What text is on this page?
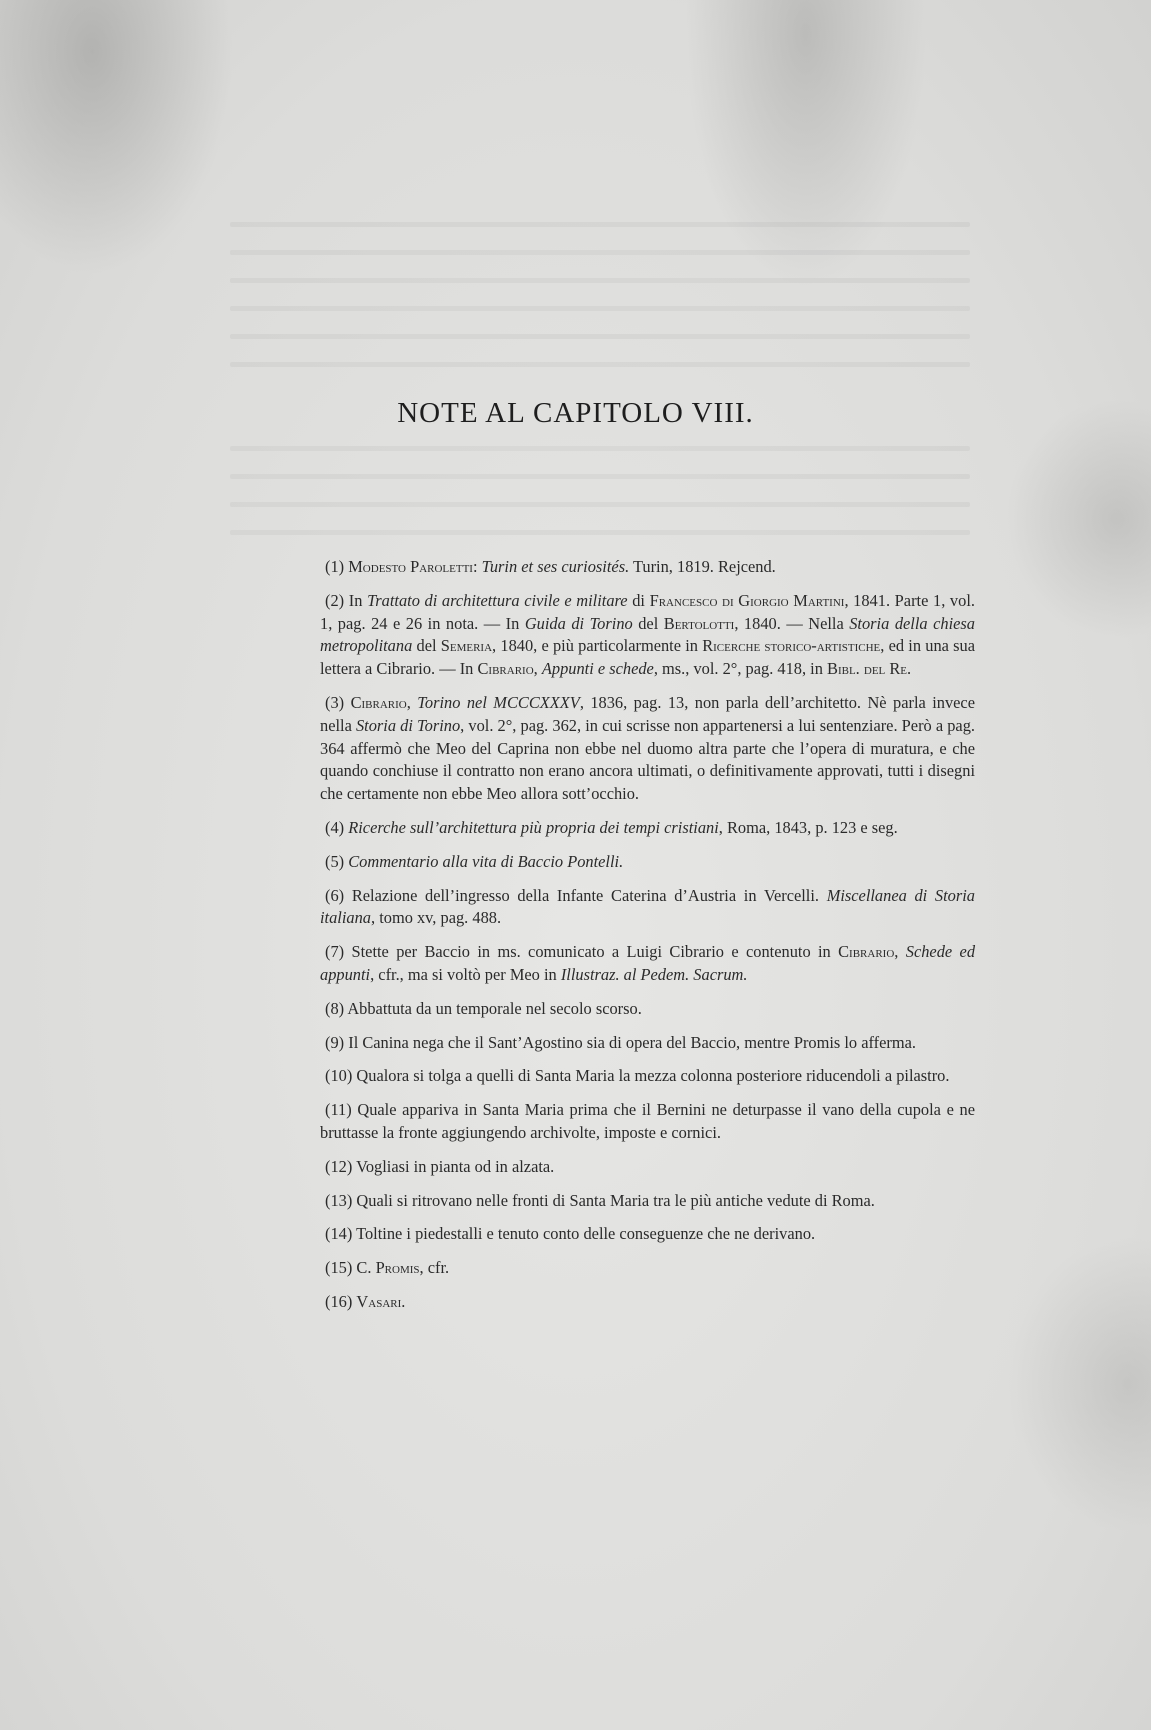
NOTE AL CAPITOLO VIII.

(1) Modesto Paroletti: Turin et ses curiosités. Turin, 1819. Rejcend.

(2) In Trattato di architettura civile e militare di Francesco di Giorgio Martini, 1841. Parte 1, vol. 1, pag. 24 e 26 in nota. — In Guida di Torino del Bertolotti, 1840. — Nella Storia della chiesa metropolitana del Semeria, 1840, e più particolarmente in Ricerche storico-artistiche, ed in una sua lettera a Cibrario. — In Cibrario, Appunti e schede, ms., vol. 2°, pag. 418, in Bibl. del Re.

(3) Cibrario, Torino nel MCCCXXXV, 1836, pag. 13, non parla dell’architetto. Nè parla invece nella Storia di Torino, vol. 2°, pag. 362, in cui scrisse non appartenersi a lui sentenziare. Però a pag. 364 affermò che Meo del Caprina non ebbe nel duomo altra parte che l’opera di muratura, e che quando conchiuse il contratto non erano ancora ultimati, o definitivamente approvati, tutti i disegni che certamente non ebbe Meo allora sott’occhio.

(4) Ricerche sull’architettura più propria dei tempi cristiani, Roma, 1843, p. 123 e seg.

(5) Commentario alla vita di Baccio Pontelli.

(6) Relazione dell’ingresso della Infante Caterina d’Austria in Vercelli. Miscellanea di Storia italiana, tomo xv, pag. 488.

(7) Stette per Baccio in ms. comunicato a Luigi Cibrario e contenuto in Cibrario, Schede ed appunti, cfr., ma si voltò per Meo in Illustraz. al Pedem. Sacrum.

(8) Abbattuta da un temporale nel secolo scorso.

(9) Il Canina nega che il Sant’Agostino sia di opera del Baccio, mentre Promis lo afferma.

(10) Qualora si tolga a quelli di Santa Maria la mezza colonna posteriore riducendoli a pilastro.

(11) Quale appariva in Santa Maria prima che il Bernini ne deturpasse il vano della cupola e ne bruttasse la fronte aggiungendo archivolte, imposte e cornici.

(12) Vogliasi in pianta od in alzata.

(13) Quali si ritrovano nelle fronti di Santa Maria tra le più antiche vedute di Roma.

(14) Toltine i piedestalli e tenuto conto delle conseguenze che ne derivano.

(15) C. Promis, cfr.

(16) Vasari.
